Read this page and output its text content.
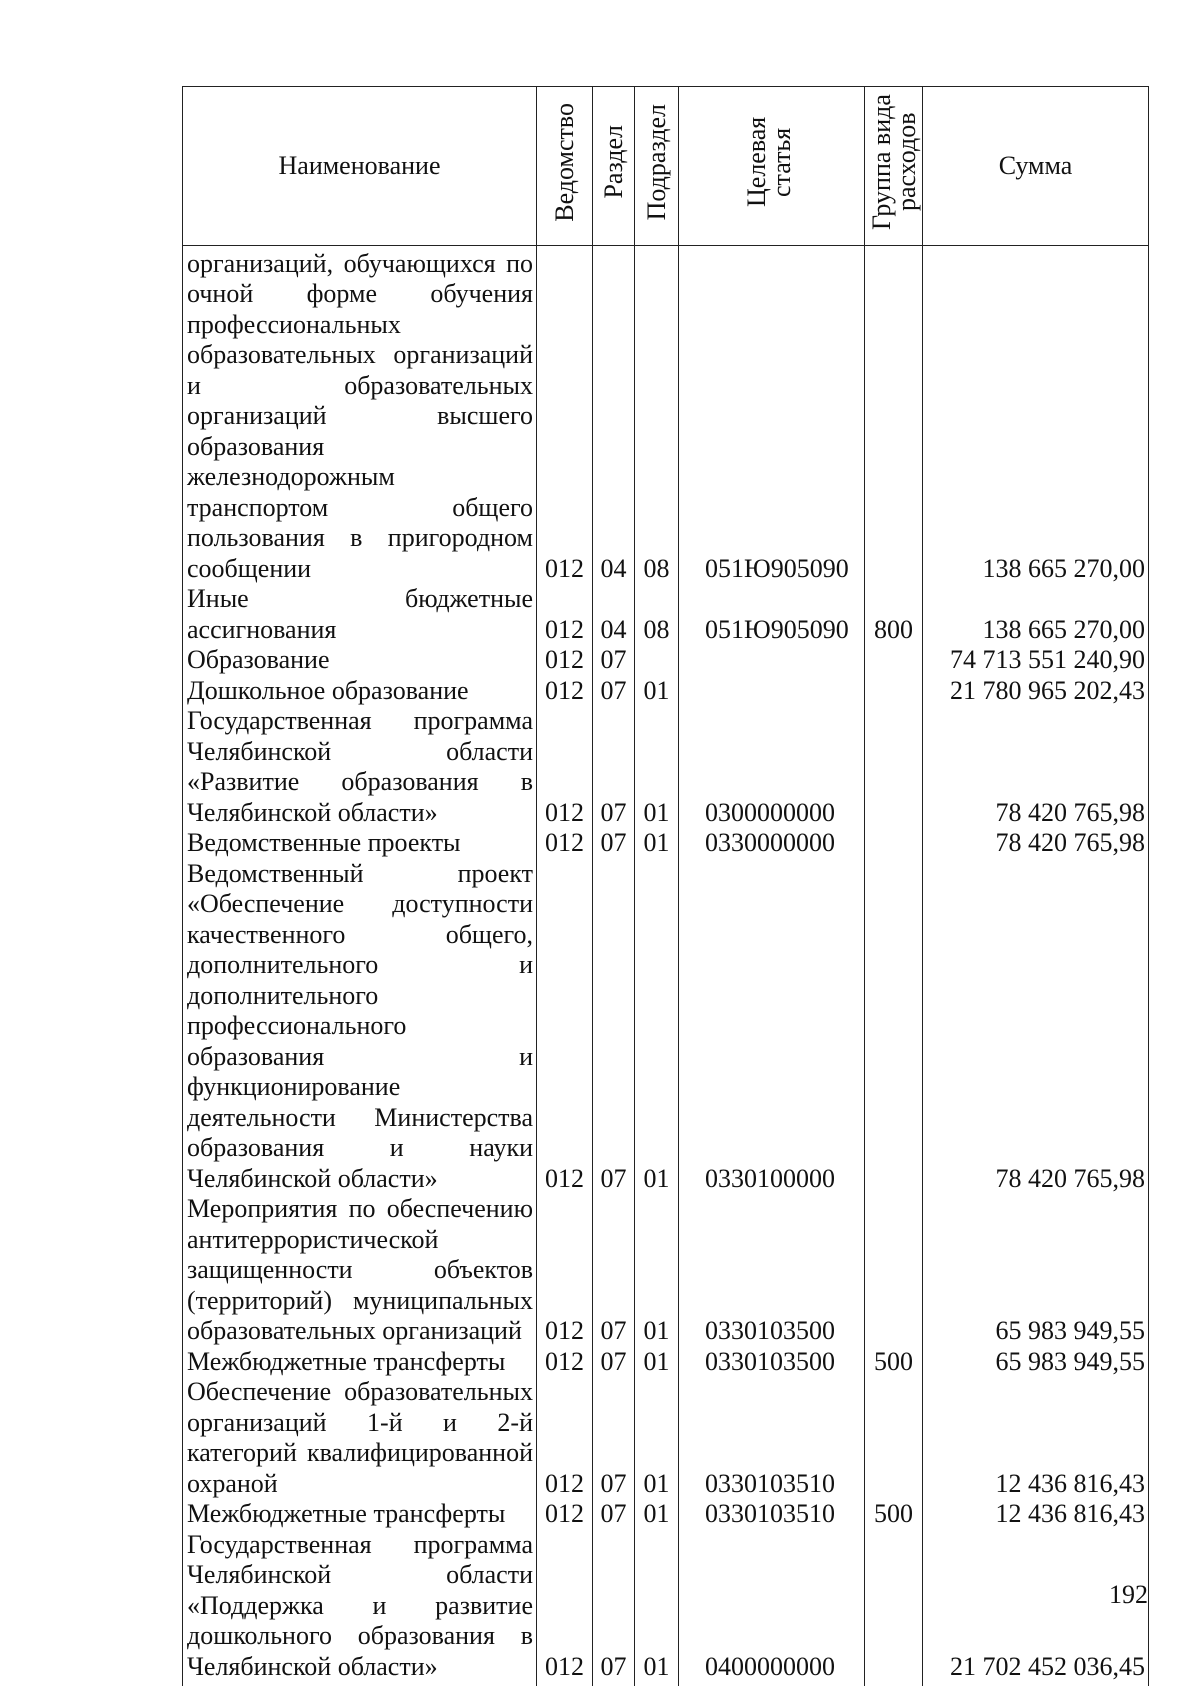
Наименование	Ведомство	Раздел	Подраздел	Целевая статья	Группа вида расходов	Сумма
организаций, обучающихся по очной форме обучения профессиональных образовательных организаций и образовательных организаций высшего образования железнодорожным транспортом общего пользования в пригородном сообщении	012	04	08	051Ю905090		138 665 270,00
Иные бюджетные ассигнования	012	04	08	051Ю905090	800	138 665 270,00
Образование	012	07				74 713 551 240,90
Дошкольное образование	012	07	01			21 780 965 202,43
Государственная программа Челябинской области «Развитие образования в Челябинской области»	012	07	01	0300000000		78 420 765,98
Ведомственные проекты	012	07	01	0330000000		78 420 765,98
Ведомственный проект «Обеспечение доступности качественного общего, дополнительного и дополнительного профессионального образования и функционирование деятельности Министерства образования и науки Челябинской области»	012	07	01	0330100000		78 420 765,98
Мероприятия по обеспечению антитеррористической защищенности объектов (территорий) муниципальных образовательных организаций	012	07	01	0330103500		65 983 949,55
Межбюджетные трансферты	012	07	01	0330103500	500	65 983 949,55
Обеспечение образовательных организаций 1-й и 2-й категорий квалифицированной охраной	012	07	01	0330103510		12 436 816,43
Межбюджетные трансферты	012	07	01	0330103510	500	12 436 816,43
Государственная программа Челябинской области «Поддержка и развитие дошкольного образования в Челябинской области»	012	07	01	0400000000		21 702 452 036,45
192
